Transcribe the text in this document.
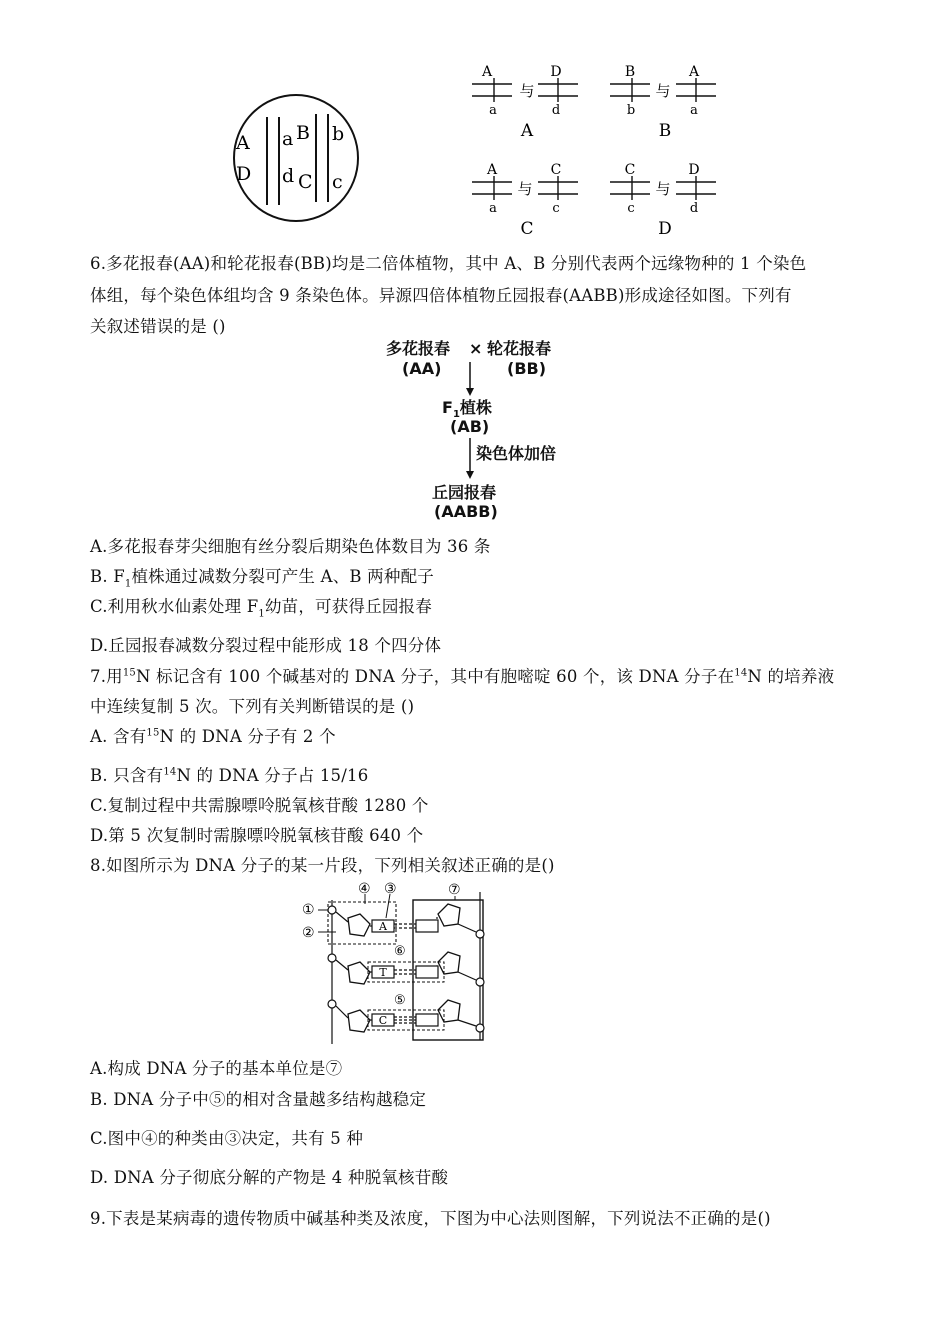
A a B b
D d C c
A
a
与
D
d
A
B
b
与
A
a
B
A
a
与
C
c
C
C
c
与
D
d
D
6.多花报春(AA)和轮花报春(BB)均是二倍体植物，其中 A、B 分别代表两个远缘物种的 1 个染色
体组，每个染色体组均含 9 条染色体。异源四倍体植物丘园报春(AABB)形成途径如图。下列有
关叙述错误的是 ()
多花报春 × 轮花报春
(AA)	(BB)
$F_1$植株
(AB)
染色体加倍
丘园报春
(AABB)
A.多花报春芽尖细胞有丝分裂后期染色体数目为 36 条
B. $F_1$植株通过减数分裂可产生 A、B 两种配子
C.利用秋水仙素处理 $F_1$幼苗，可获得丘园报春
D.丘园报春减数分裂过程中能形成 18 个四分体
7.用$^{15}$N 标记含有 100 个碱基对的 DNA 分子，其中有胞嘧啶 60 个，该 DNA 分子在$^{14}$N 的培养液
中连续复制 5 次。下列有关判断错误的是 ()
A. 含有$^{15}$N 的 DNA 分子有 2 个
B. 只含有$^{14}$N 的 DNA 分子占 15/16
C.复制过程中共需腺嘌呤脱氧核苷酸 1280 个
D.第 5 次复制时需腺嘌呤脱氧核苷酸 640 个
8.如图所示为 DNA 分子的某一片段，下列相关叙述正确的是()
④ ③	⑦
①
②
⑥
⑤
A
T
C
A.构成 DNA 分子的基本单位是⑦
B. DNA 分子中⑤的相对含量越多结构越稳定
C.图中④的种类由③决定，共有 5 种
D. DNA 分子彻底分解的产物是 4 种脱氧核苷酸
9.下表是某病毒的遗传物质中碱基种类及浓度，下图为中心法则图解，下列说法不正确的是()
